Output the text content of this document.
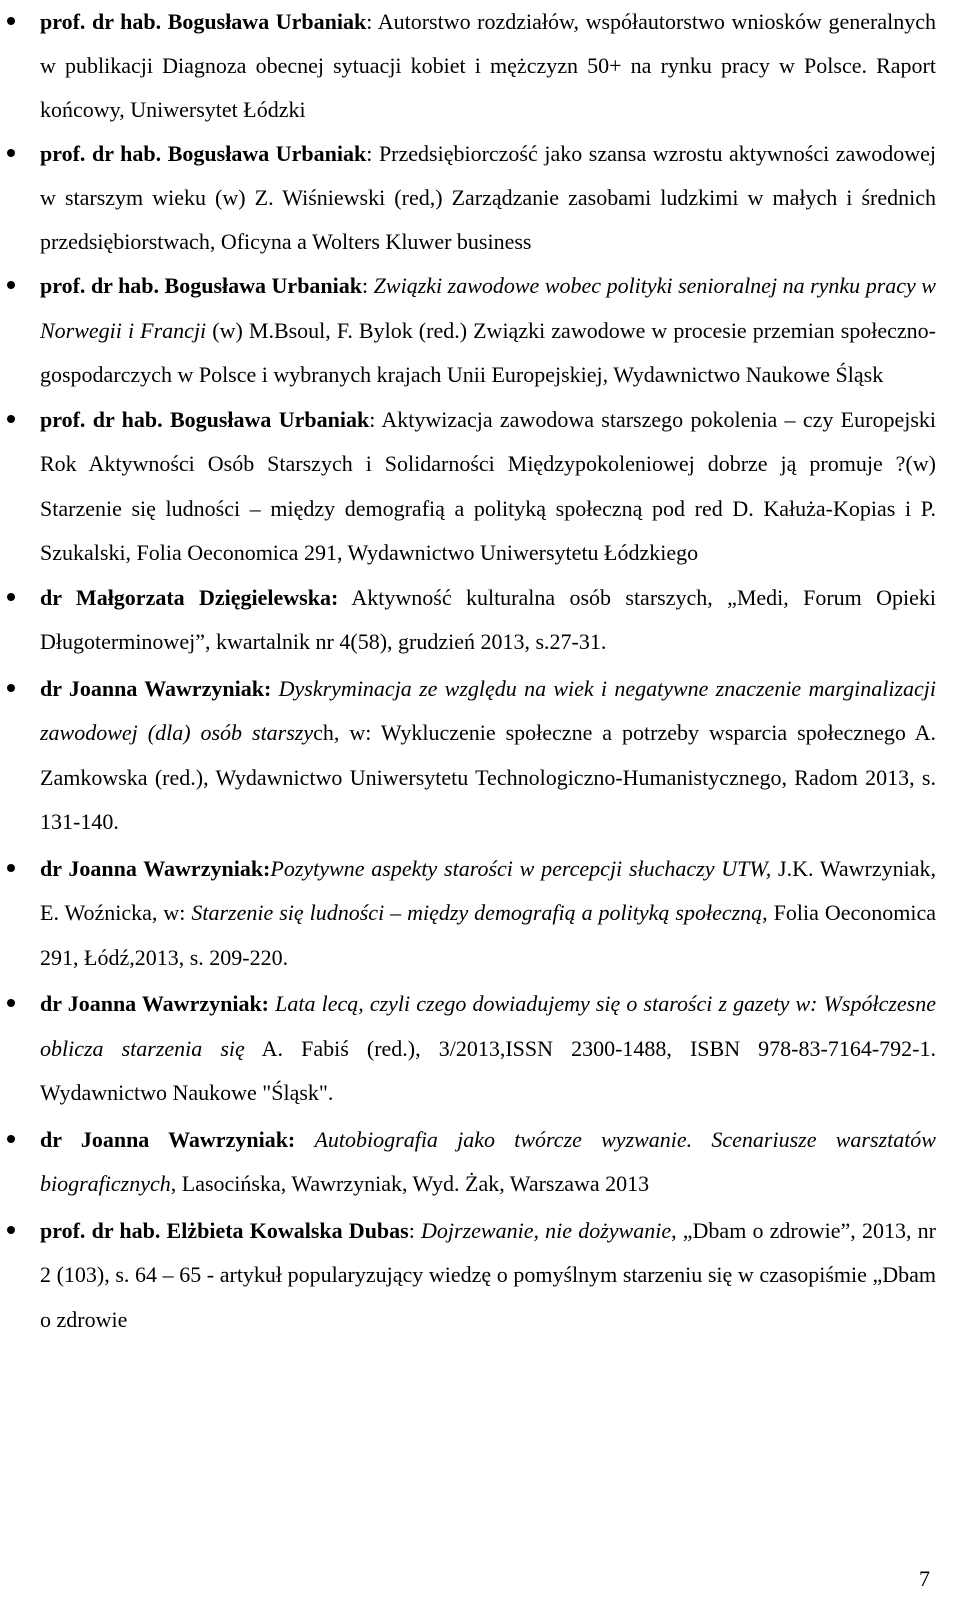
prof. dr hab. Bogusława Urbaniak: Autorstwo rozdziałów, współautorstwo wniosków generalnych w publikacji Diagnoza obecnej sytuacji kobiet i mężczyzn 50+ na rynku pracy w Polsce. Raport końcowy, Uniwersytet Łódzki
prof. dr hab. Bogusława Urbaniak: Przedsiębiorczość jako szansa wzrostu aktywności zawodowej w starszym wieku (w) Z. Wiśniewski (red,) Zarządzanie zasobami ludzkimi w małych i średnich przedsiębiorstwach, Oficyna a Wolters Kluwer business
prof. dr hab. Bogusława Urbaniak: Związki zawodowe wobec polityki senioralnej na rynku pracy w Norwegii i Francji (w) M.Bsoul, F. Bylok (red.) Związki zawodowe w procesie przemian społeczno-gospodarczych w Polsce i wybranych krajach Unii Europejskiej, Wydawnictwo Naukowe Śląsk
prof. dr hab. Bogusława Urbaniak: Aktywizacja zawodowa starszego pokolenia – czy Europejski Rok Aktywności Osób Starszych i Solidarności Międzypokoleniowej dobrze ją promuje ?(w) Starzenie się ludności – między demografią a polityką społeczną pod red D. Kałuża-Kopias i P. Szukalski, Folia Oeconomica 291, Wydawnictwo Uniwersytetu Łódzkiego
dr Małgorzata Dzięgielewska: Aktywność kulturalna osób starszych, „Medi, Forum Opieki Długoterminowej”, kwartalnik nr 4(58), grudzień 2013, s.27-31.
dr Joanna Wawrzyniak: Dyskryminacja ze względu na wiek i negatywne znaczenie marginalizacji zawodowej (dla) osób starszych, w: Wykluczenie społeczne a potrzeby wsparcia społecznego A. Zamkowska (red.), Wydawnictwo Uniwersytetu Technologiczno-Humanistycznego, Radom 2013, s. 131-140.
dr Joanna Wawrzyniak:Pozytywne aspekty starości w percepcji słuchaczy UTW, J.K. Wawrzyniak, E. Woźnicka, w: Starzenie się ludności – między demografią a polityką społeczną, Folia Oeconomica 291, Łódź,2013, s. 209-220.
dr Joanna Wawrzyniak: Lata lecą, czyli czego dowiadujemy się o starości z gazety w: Współczesne oblicza starzenia się A. Fabiś (red.), 3/2013,ISSN 2300-1488, ISBN 978-83-7164-792-1. Wydawnictwo Naukowe "Śląsk".
dr Joanna Wawrzyniak: Autobiografia jako twórcze wyzwanie. Scenariusze warsztatów biograficznych, Lasocińska, Wawrzyniak, Wyd. Żak, Warszawa 2013
prof. dr hab. Elżbieta Kowalska Dubas: Dojrzewanie, nie dożywanie, „Dbam o zdrowie”, 2013, nr 2 (103), s. 64 – 65 - artykuł popularyzujący wiedzę o pomyślnym starzeniu się w czasopiśmie „Dbam o zdrowie
7
